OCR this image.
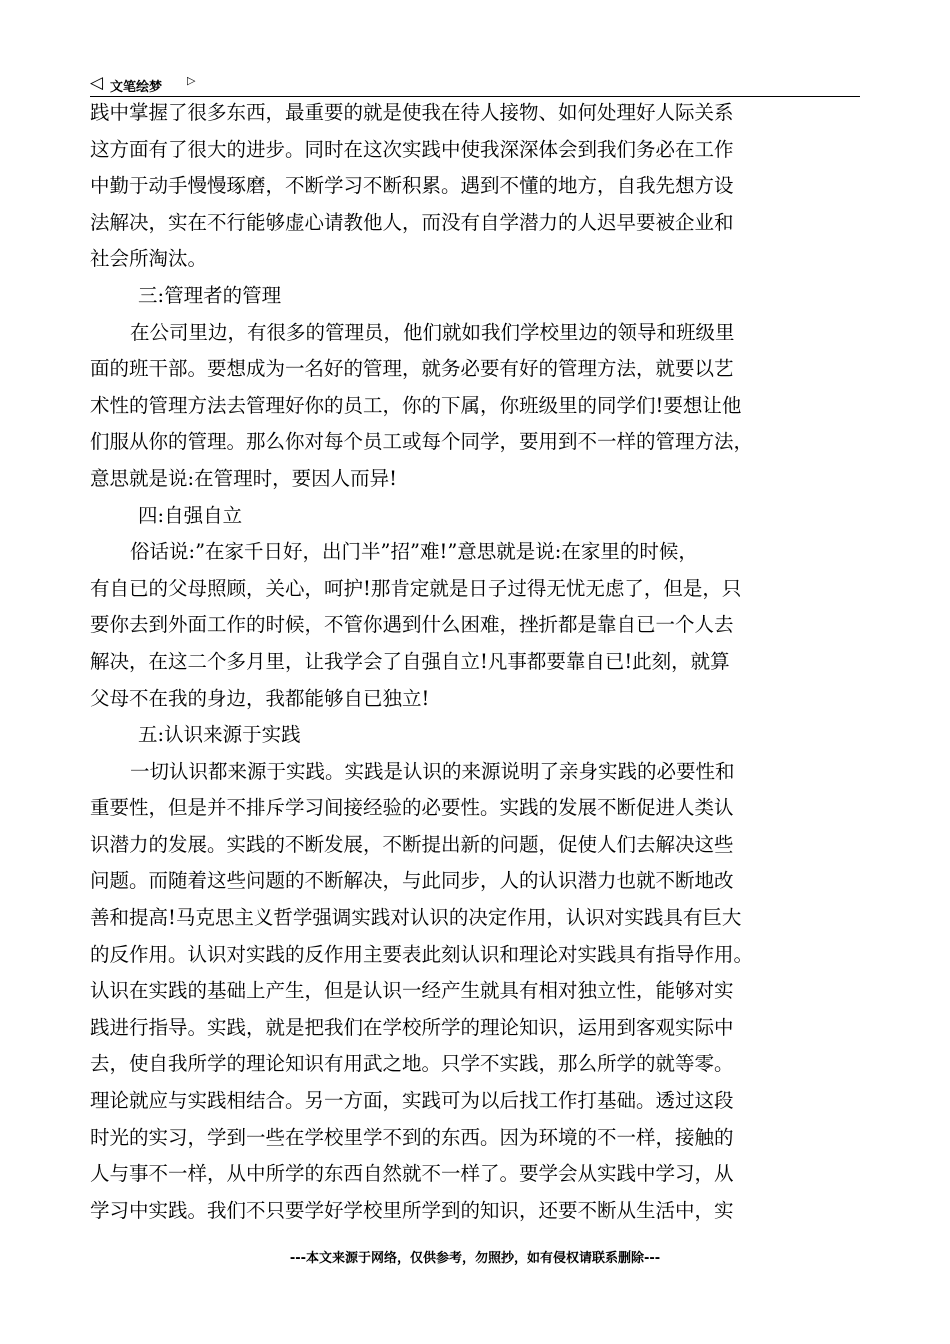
◁ 文笔绘梦 ▷
践中掌握了很多东西，最重要的就是使我在待人接物、如何处理好人际关系
这方面有了很大的进步。同时在这次实践中使我深深体会到我们务必在工作
中勤于动手慢慢琢磨，不断学习不断积累。遇到不懂的地方，自我先想方设
法解决，实在不行能够虚心请教他人，而没有自学潜力的人迟早要被企业和
社会所淘汰。
三:管理者的管理
在公司里边，有很多的管理员，他们就如我们学校里边的领导和班级里
面的班干部。要想成为一名好的管理，就务必要有好的管理方法，就要以艺
术性的管理方法去管理好你的员工，你的下属，你班级里的同学们!要想让他
们服从你的管理。那么你对每个员工或每个同学，要用到不一样的管理方法，
意思就是说:在管理时，要因人而异!
四:自强自立
俗话说:”在家千日好，出门半”招”难!”意思就是说:在家里的时候，
有自已的父母照顾，关心，呵护!那肯定就是日子过得无忧无虑了，但是，只
要你去到外面工作的时候，不管你遇到什么困难，挫折都是靠自已一个人去
解决，在这二个多月里，让我学会了自强自立!凡事都要靠自已!此刻，就算
父母不在我的身边，我都能够自已独立!
五:认识来源于实践
一切认识都来源于实践。实践是认识的来源说明了亲身实践的必要性和
重要性，但是并不排斥学习间接经验的必要性。实践的发展不断促进人类认
识潜力的发展。实践的不断发展，不断提出新的问题，促使人们去解决这些
问题。而随着这些问题的不断解决，与此同步，人的认识潜力也就不断地改
善和提高!马克思主义哲学强调实践对认识的决定作用，认识对实践具有巨大
的反作用。认识对实践的反作用主要表此刻认识和理论对实践具有指导作用。
认识在实践的基础上产生，但是认识一经产生就具有相对独立性，能够对实
践进行指导。实践，就是把我们在学校所学的理论知识，运用到客观实际中
去，使自我所学的理论知识有用武之地。只学不实践，那么所学的就等零。
理论就应与实践相结合。另一方面，实践可为以后找工作打基础。透过这段
时光的实习，学到一些在学校里学不到的东西。因为环境的不一样，接触的
人与事不一样，从中所学的东西自然就不一样了。要学会从实践中学习，从
学习中实践。我们不只要学好学校里所学到的知识，还要不断从生活中，实
---本文来源于网络，仅供参考，勿照抄，如有侵权请联系删除---
